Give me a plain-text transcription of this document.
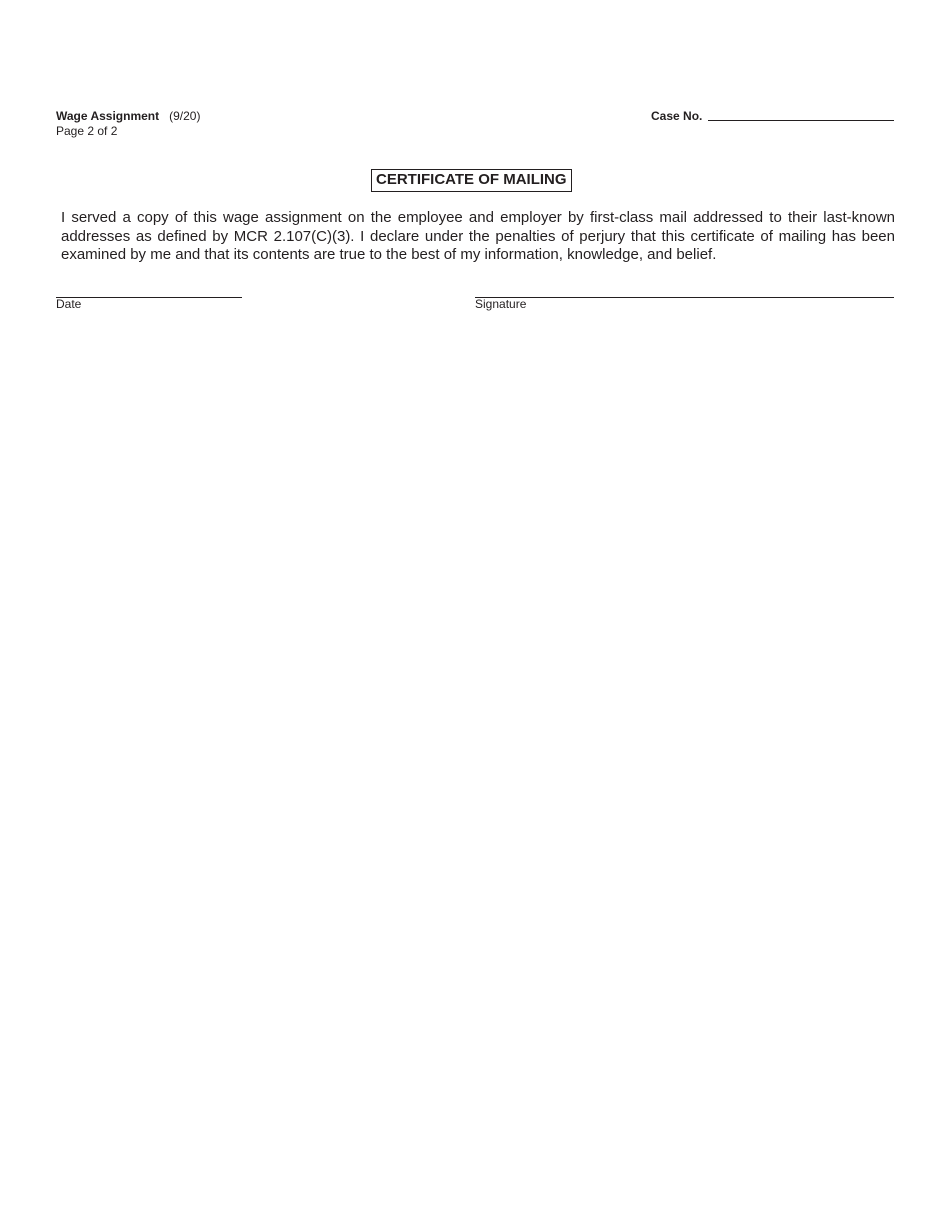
Wage Assignment (9/20)
Page 2 of 2
Case No.
CERTIFICATE OF MAILING
I served a copy of this wage assignment on the employee and employer by first-class mail addressed to their last-known addresses as defined by MCR 2.107(C)(3). I declare under the penalties of perjury that this certificate of mailing has been examined by me and that its contents are true to the best of my information, knowledge, and belief.
Date	Signature
